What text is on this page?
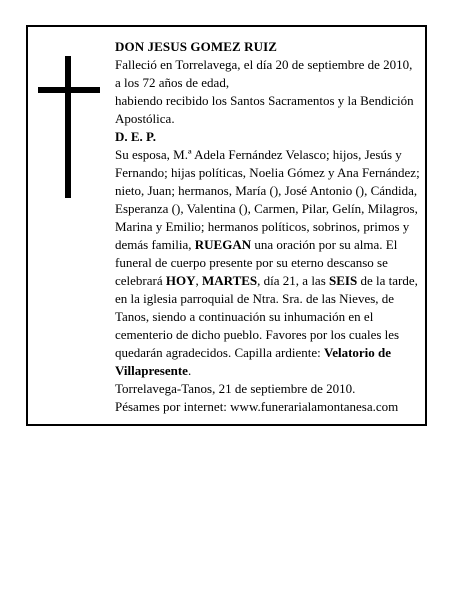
DON JESUS GOMEZ RUIZ

Falleció en Torrelavega, el día 20 de septiembre de 2010, a los 72 años de edad,

habiendo recibido los Santos Sacramentos y la Bendición Apostólica.

D. E. P.

Su esposa, M.ª Adela Fernández Velasco; hijos, Jesús y Fernando; hijas políticas, Noelia Gómez y Ana Fernández; nieto, Juan; hermanos, María (), José Antonio (), Cándida, Esperanza (), Valentina (), Carmen, Pilar, Gelín, Milagros, Marina y Emilio; hermanos políticos, sobrinos, primos y demás familia, RUEGAN una oración por su alma. El funeral de cuerpo presente por su eterno descanso se celebrará HOY, MARTES, día 21, a las SEIS de la tarde, en la iglesia parroquial de Ntra. Sra. de las Nieves, de Tanos, siendo a continuación su inhumación en el cementerio de dicho pueblo. Favores por los cuales les quedarán agradecidos. Capilla ardiente: Velatorio de Villapresente.

Torrelavega-Tanos, 21 de septiembre de 2010.

Pésames por internet: www.funerarialamontanesa.com
